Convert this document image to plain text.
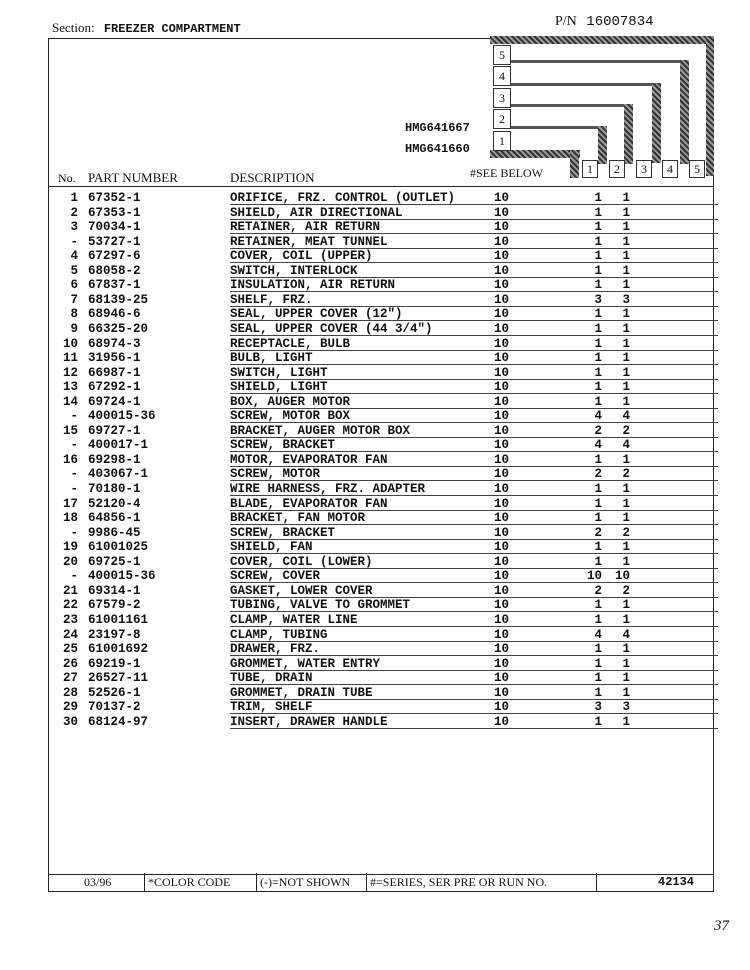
Section: FREEZER COMPARTMENT	P/N 16007834
5
4
3
2
1
HMG641667
HMG641660
1	2	3	4	5
No. PART NUMBER	DESCRIPTION	#SEE BELOW
1 67352-1	ORIFICE, FRZ. CONTROL (OUTLET)	10	1	1
2 67353-1	SHIELD, AIR DIRECTIONAL	10	1	1
3 70034-1	RETAINER, AIR RETURN	10	1	1
- 53727-1	RETAINER, MEAT TUNNEL	10	1	1
4 67297-6	COVER, COIL (UPPER)	10	1	1
5 68058-2	SWITCH, INTERLOCK	10	1	1
6 67837-1	INSULATION, AIR RETURN	10	1	1
7 68139-25	SHELF, FRZ.	10	3	3
8 68946-6	SEAL, UPPER COVER (12")	10	1	1
9 66325-20	SEAL, UPPER COVER (44 3/4")	10	1	1
10 68974-3	RECEPTACLE, BULB	10	1	1
11 31956-1	BULB, LIGHT	10	1	1
12 66987-1	SWITCH, LIGHT	10	1	1
13 67292-1	SHIELD, LIGHT	10	1	1
14 69724-1	BOX, AUGER MOTOR	10	1	1
- 400015-36	SCREW, MOTOR BOX	10	4	4
15 69727-1	BRACKET, AUGER MOTOR BOX	10	2	2
- 400017-1	SCREW, BRACKET	10	4	4
16 69298-1	MOTOR, EVAPORATOR FAN	10	1	1
- 403067-1	SCREW, MOTOR	10	2	2
- 70180-1	WIRE HARNESS, FRZ. ADAPTER	10	1	1
17 52120-4	BLADE, EVAPORATOR FAN	10	1	1
18 64856-1	BRACKET, FAN MOTOR	10	1	1
- 9986-45	SCREW, BRACKET	10	2	2
19 61001025	SHIELD, FAN	10	1	1
20 69725-1	COVER, COIL (LOWER)	10	1	1
- 400015-36	SCREW, COVER	10	10	10
21 69314-1	GASKET, LOWER COVER	10	2	2
22 67579-2	TUBING, VALVE TO GROMMET	10	1	1
23 61001161	CLAMP, WATER LINE	10	1	1
24 23197-8	CLAMP, TUBING	10	4	4
25 61001692	DRAWER, FRZ.	10	1	1
26 69219-1	GROMMET, WATER ENTRY	10	1	1
27 26527-11	TUBE, DRAIN	10	1	1
28 52526-1	GROMMET, DRAIN TUBE	10	1	1
29 70137-2	TRIM, SHELF	10	3	3
30 68124-97	INSERT, DRAWER HANDLE	10	1	1
03/96	*COLOR CODE (-)=NOT SHOWN #=SERIES, SER PRE OR RUN NO.	42134
37
